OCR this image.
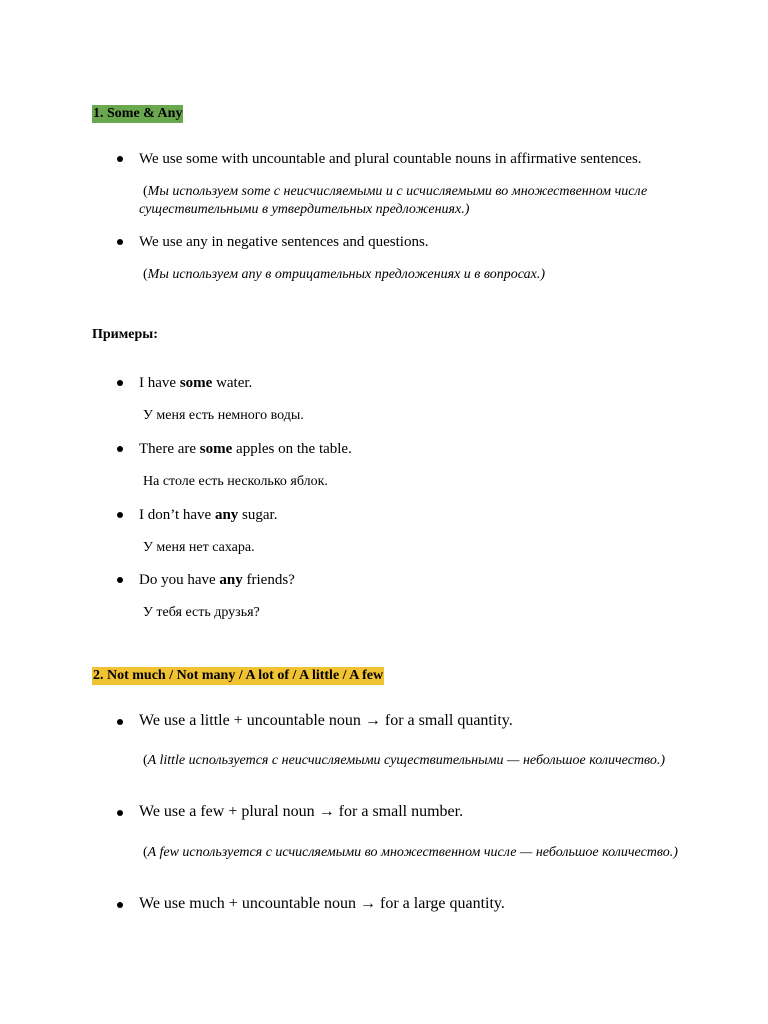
1. Some & Any
We use some with uncountable and plural countable nouns in affirmative sentences.
(Мы используем some с неисчисляемыми и с исчисляемыми во множественном числе существительными в утвердительных предложениях.)
We use any in negative sentences and questions.
(Мы используем any в отрицательных предложениях и в вопросах.)
Примеры:
I have some water.
У меня есть немного воды.
There are some apples on the table.
На столе есть несколько яблок.
I don’t have any sugar.
У меня нет сахара.
Do you have any friends?
У тебя есть друзья?
2. Not much / Not many / A lot of / A little / A few
We use a little + uncountable noun → for a small quantity.
(A little используется с неисчисляемыми существительными — небольшое количество.)
We use a few + plural noun → for a small number.
(A few используется с исчисляемыми во множественном числе — небольшое количество.)
We use much + uncountable noun → for a large quantity.
